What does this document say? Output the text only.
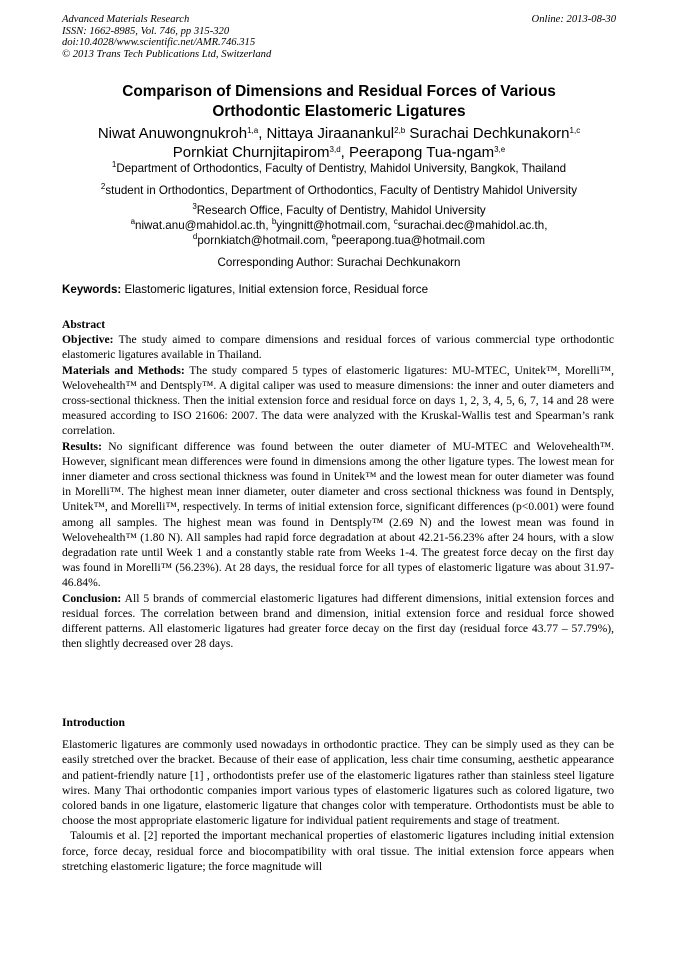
Advanced Materials Research
ISSN: 1662-8985, Vol. 746, pp 315-320
doi:10.4028/www.scientific.net/AMR.746.315
© 2013 Trans Tech Publications Ltd, Switzerland
Online: 2013-08-30
Comparison of Dimensions and Residual Forces of Various
Orthodontic Elastomeric Ligatures
Niwat Anuwongnukroh$^{1,a}$, Nittaya Jiraanankul$^{2,b}$ Surachai Dechkunakorn$^{1,c}$
Pornkiat Churnjitapirom$^{3,d}$, Peerapong Tua-ngam$^{3,e}$
$^1$Department of Orthodontics, Faculty of Dentistry, Mahidol University, Bangkok, Thailand
$^2$student in Orthodontics, Department of Orthodontics, Faculty of Dentistry Mahidol University
$^3$Research Office, Faculty of Dentistry, Mahidol University
$^a$niwat.anu@mahidol.ac.th, $^b$yingnitt@hotmail.com, $^c$surachai.dec@mahidol.ac.th,
$^d$pornkiatch@hotmail.com, $^e$peerapong.tua@hotmail.com
Corresponding Author: Surachai Dechkunakorn
Keywords: Elastomeric ligatures, Initial extension force, Residual force
Abstract

Objective: The study aimed to compare dimensions and residual forces of various commercial type orthodontic elastomeric ligatures available in Thailand.

Materials and Methods: The study compared 5 types of elastomeric ligatures: MU-MTEC, Unitek™, Morelli™, Welovehealth™ and Dentsply™. A digital caliper was used to measure dimensions: the inner and outer diameters and cross-sectional thickness. Then the initial extension force and residual force on days 1, 2, 3, 4, 5, 6, 7, 14 and 28 were measured according to ISO 21606: 2007. The data were analyzed with the Kruskal-Wallis test and Spearman’s rank correlation.

Results: No significant difference was found between the outer diameter of MU-MTEC and Welovehealth™. However, significant mean differences were found in dimensions among the other ligature types. The lowest mean for inner diameter and cross sectional thickness was found in Unitek™ and the lowest mean for outer diameter was found in Morelli™. The highest mean inner diameter, outer diameter and cross sectional thickness was found in Dentsply, Unitek™, and Morelli™, respectively. In terms of initial extension force, significant differences (p<0.001) were found among all samples. The highest mean was found in Dentsply™ (2.69 N) and the lowest mean was found in Welovehealth™ (1.80 N). All samples had rapid force degradation at about 42.21-56.23% after 24 hours, with a slow degradation rate until Week 1 and a constantly stable rate from Weeks 1-4. The greatest force decay on the first day was found in Morelli™ (56.23%). At 28 days, the residual force for all types of elastomeric ligature was about 31.97-46.84%.

Conclusion: All 5 brands of commercial elastomeric ligatures had different dimensions, initial extension forces and residual forces. The correlation between brand and dimension, initial extension force and residual force showed different patterns. All elastomeric ligatures had greater force decay on the first day (residual force 43.77 – 57.79%), then slightly decreased over 28 days.

Introduction

Elastomeric ligatures are commonly used nowadays in orthodontic practice. They can be simply used as they can be easily stretched over the bracket. Because of their ease of application, less chair time consuming, aesthetic appearance and patient-friendly nature [1] , orthodontists prefer use of the elastomeric ligatures rather than stainless steel ligature wires. Many Thai orthodontic companies import various types of elastomeric ligatures such as colored ligature, two colored bands in one ligature, elastomeric ligature that changes color with temperature. Orthodontists must be able to choose the most appropriate elastomeric ligature for individual patient requirements and stage of treatment.

Taloumis et al. [2] reported the important mechanical properties of elastomeric ligatures including initial extension force, force decay, residual force and biocompatibility with oral tissue. The initial extension force appears when stretching elastomeric ligature; the force magnitude will
